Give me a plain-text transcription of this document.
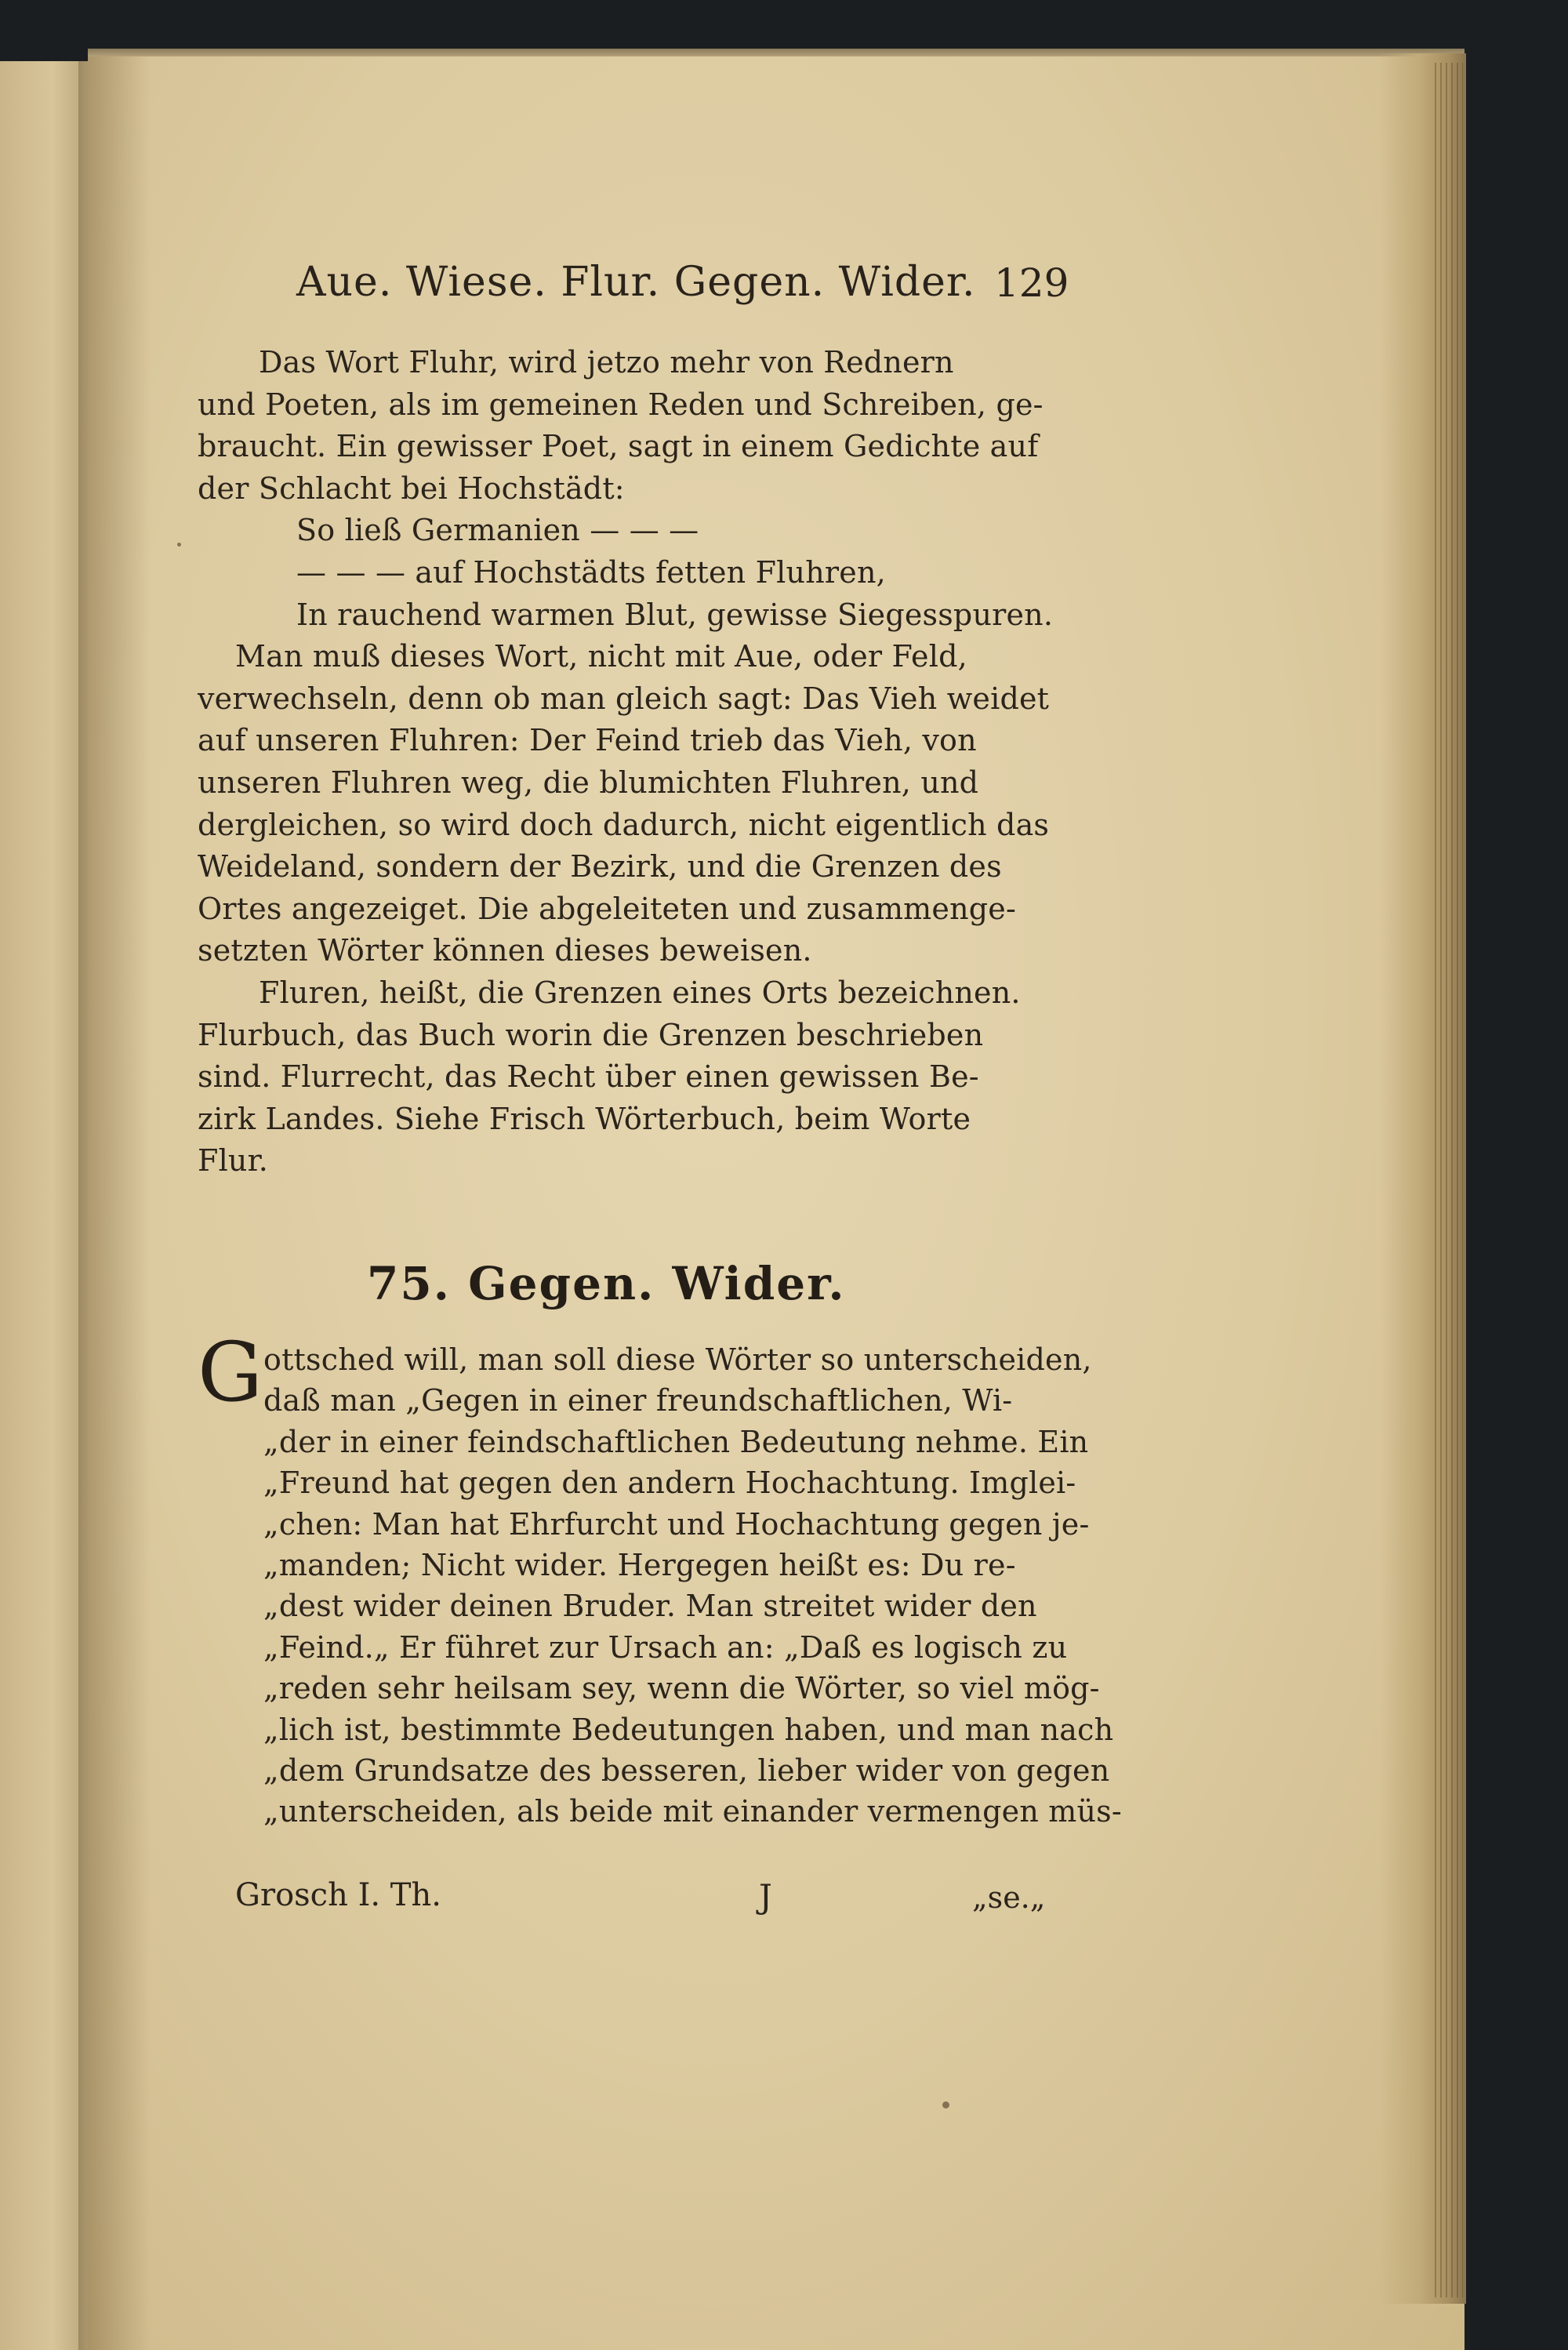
Aue. Wiese. Flur. Gegen. Wider. 129
Das Wort Fluhr, wird jetzo mehr von Rednern
und Poeten, als im gemeinen Reden und Schreiben, ge-
braucht. Ein gewisser Poet, sagt in einem Gedichte auf
der Schlacht bei Hochstädt:
So ließ Germanien — — —
— — — auf Hochstädts fetten Fluhren,
In rauchend warmen Blut, gewisse Siegesspuren.
Man muß dieses Wort, nicht mit Aue, oder Feld,
verwechseln, denn ob man gleich sagt: Das Vieh weidet
auf unseren Fluhren: Der Feind trieb das Vieh, von
unseren Fluhren weg, die blumichten Fluhren, und
dergleichen, so wird doch dadurch, nicht eigentlich das
Weideland, sondern der Bezirk, und die Grenzen des
Ortes angezeiget. Die abgeleiteten und zusammenge-
setzten Wörter können dieses beweisen.
Fluren, heißt, die Grenzen eines Orts bezeichnen.
Flurbuch, das Buch worin die Grenzen beschrieben
sind. Flurrecht, das Recht über einen gewissen Be-
zirk Landes. Siehe Frisch Wörterbuch, beim Worte
Flur.
75. Gegen. Wider.
G ottsched will, man soll diese Wörter so unterscheiden,
daß man „Gegen in einer freundschaftlichen, Wi-
„der in einer feindschaftlichen Bedeutung nehme. Ein
„Freund hat gegen den andern Hochachtung. Imglei-
„chen: Man hat Ehrfurcht und Hochachtung gegen je-
„manden; Nicht wider. Hergegen heißt es: Du re-
„dest wider deinen Bruder. Man streitet wider den
„Feind.„ Er führet zur Ursach an: „Daß es logisch zu
„reden sehr heilsam sey, wenn die Wörter, so viel mög-
„lich ist, bestimmte Bedeutungen haben, und man nach
„dem Grundsatze des besseren, lieber wider von gegen
„unterscheiden, als beide mit einander vermengen müs-
Grosch I. Th.	J	„se.„
